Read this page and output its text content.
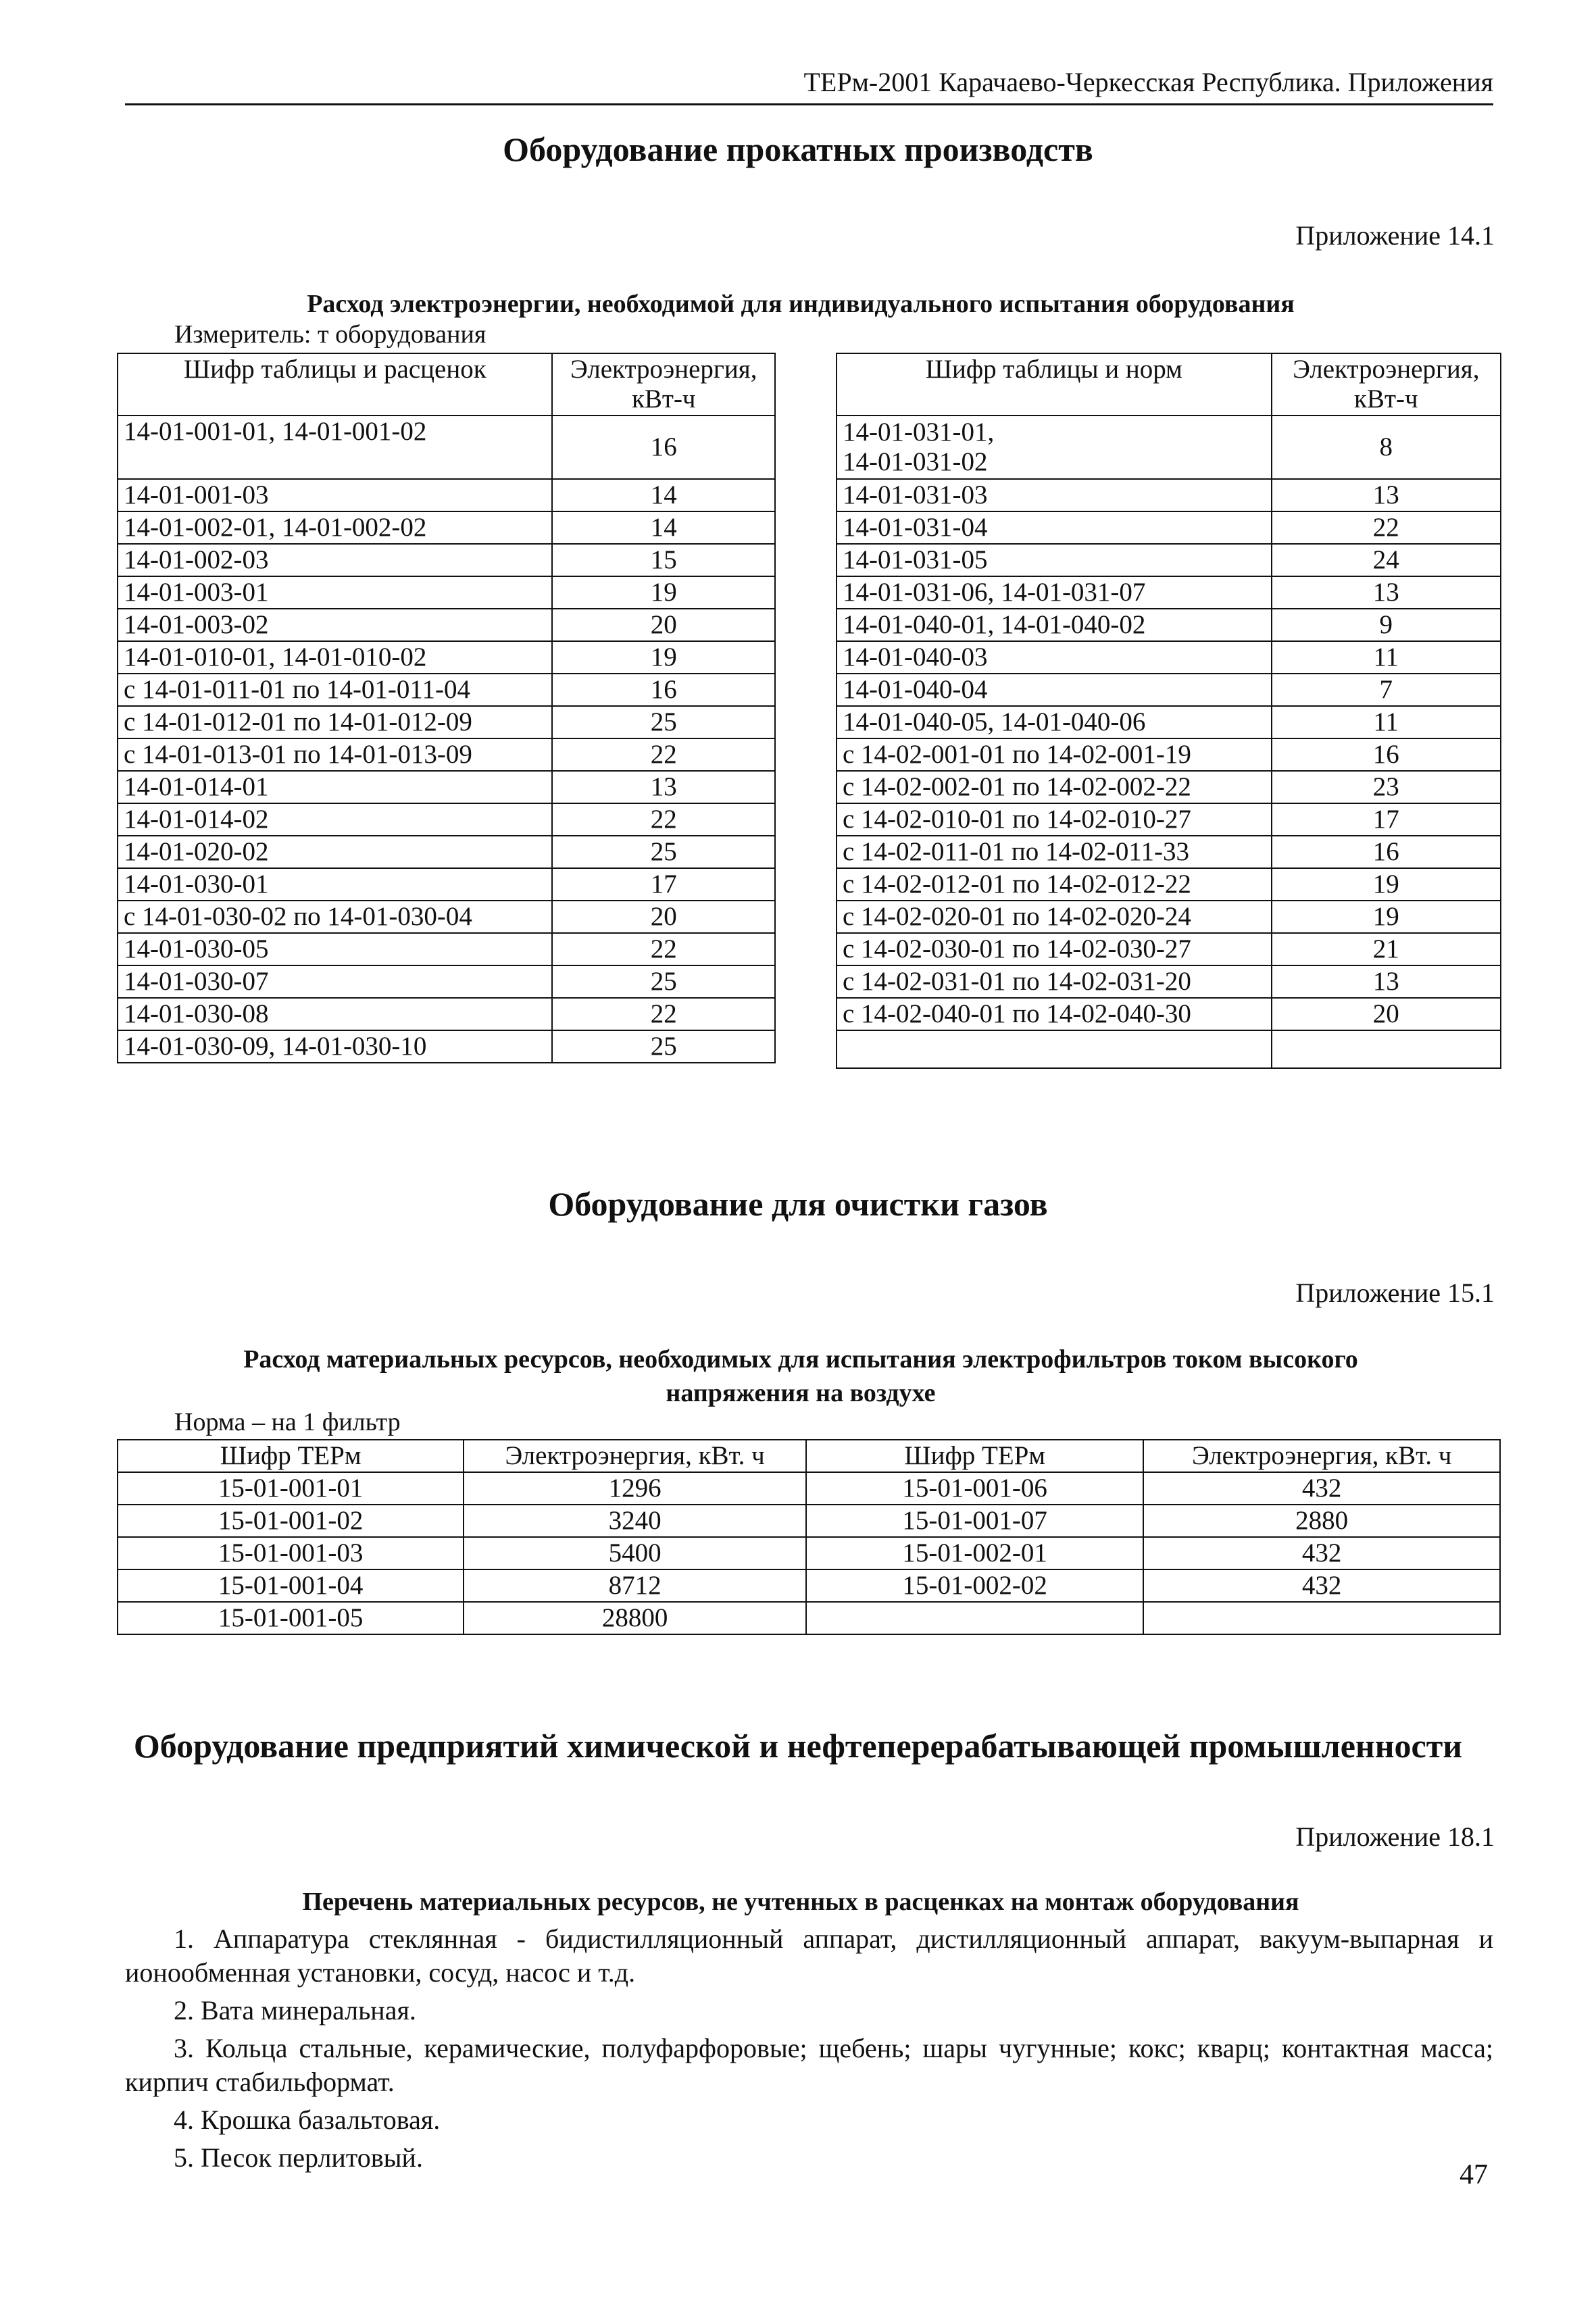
ТЕРм-2001 Карачаево-Черкесская Республика. Приложения
Оборудование прокатных производств
Приложение 14.1
Расход электроэнергии, необходимой для индивидуального испытания оборудования
Измеритель: т оборудования
Шифр таблицы и расценок	Электроэнергия, кВт-ч
14-01-001-01, 14-01-001-02	16
14-01-001-03	14
14-01-002-01, 14-01-002-02	14
14-01-002-03	15
14-01-003-01	19
14-01-003-02	20
14-01-010-01, 14-01-010-02	19
с 14-01-011-01 по 14-01-011-04	16
с 14-01-012-01 по 14-01-012-09	25
с 14-01-013-01 по 14-01-013-09	22
14-01-014-01	13
14-01-014-02	22
14-01-020-02	25
14-01-030-01	17
с 14-01-030-02 по 14-01-030-04	20
14-01-030-05	22
14-01-030-07	25
14-01-030-08	22
14-01-030-09, 14-01-030-10	25
Шифр таблицы и норм	Электроэнергия, кВт-ч

14-01-031-01,
14-01-031-02	8
14-01-031-03	13
14-01-031-04	22
14-01-031-05	24
14-01-031-06, 14-01-031-07	13
14-01-040-01, 14-01-040-02	9
14-01-040-03	11
14-01-040-04	7
14-01-040-05, 14-01-040-06	11
с 14-02-001-01 по 14-02-001-19	16
с 14-02-002-01 по 14-02-002-22	23
с 14-02-010-01 по 14-02-010-27	17
с 14-02-011-01 по 14-02-011-33	16
с 14-02-012-01 по 14-02-012-22	19
с 14-02-020-01 по 14-02-020-24	19
с 14-02-030-01 по 14-02-030-27	21
с 14-02-031-01 по 14-02-031-20	13
с 14-02-040-01 по 14-02-040-30	20

Оборудование для очистки газов
Приложение 15.1
Расход материальных ресурсов, необходимых для испытания электрофильтров током высокого
напряжения на воздухе
Норма – на 1 фильтр
Шифр ТЕРм	Электроэнергия, кВт. ч	Шифр ТЕРм	Электроэнергия, кВт. ч
15-01-001-01	1296	15-01-001-06	432
15-01-001-02	3240	15-01-001-07	2880
15-01-001-03	5400	15-01-002-01	432
15-01-001-04	8712	15-01-002-02	432
15-01-001-05	28800		
Оборудование предприятий химической и нефтеперерабатывающей промышленности
Приложение 18.1
Перечень материальных ресурсов, не учтенных в расценках на монтаж оборудования

1. Аппаратура стеклянная - бидистилляционный аппарат, дистилляционный аппарат, вакуум-выпарная и ионообменная установки, сосуд, насос и т.д.

2. Вата минеральная.

3. Кольца стальные, керамические, полуфарфоровые; щебень; шары чугунные; кокс; кварц; контактная масса; кирпич стабильформат.

4. Крошка базальтовая.

5. Песок перлитовый.

47
